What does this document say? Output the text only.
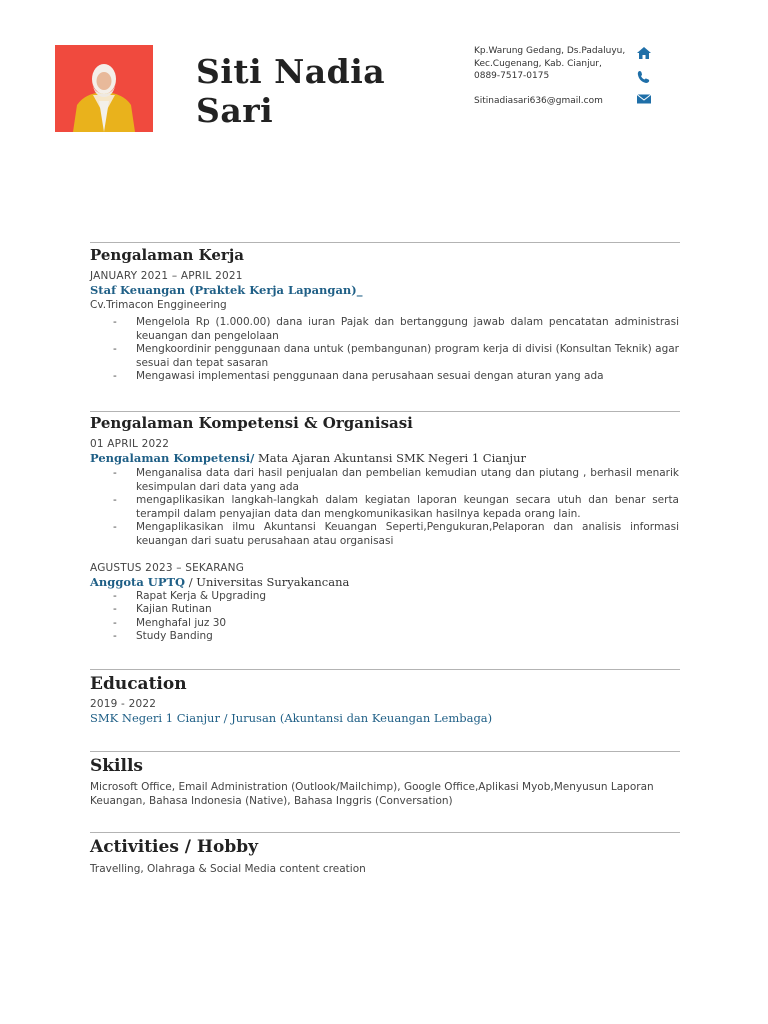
Siti Nadia
Sari
Kp.Warung Gedang, Ds.Padaluyu,
Kec.Cugenang, Kab. Cianjur,
0889-7517-0175
Sitinadiasari636@gmail.com
Pengalaman Kerja
JANUARY 2021 – APRIL 2021
Staf Keuangan (Praktek Kerja Lapangan)_
Cv.Trimacon Enggineering
- Mengelola Rp (1.000.00) dana iuran Pajak dan bertanggung jawab dalam pencatatan administrasi keuangan dan pengelolaan
- Mengkoordinir penggunaan dana untuk (pembangunan) program kerja di divisi (Konsultan Teknik) agar sesuai dan tepat sasaran
- Mengawasi implementasi penggunaan dana perusahaan sesuai dengan aturan yang ada
Pengalaman Kompetensi & Organisasi
01 APRIL 2022
Pengalaman Kompetensi/ Mata Ajaran Akuntansi SMK Negeri 1 Cianjur
- Menganalisa data dari hasil penjualan dan pembelian kemudian utang dan piutang , berhasil menarik kesimpulan dari data yang ada
- mengaplikasikan langkah-langkah dalam kegiatan laporan keungan secara utuh dan benar serta terampil dalam penyajian data dan mengkomunikasikan hasilnya kepada orang lain.
- Mengaplikasikan ilmu Akuntansi Keuangan Seperti,Pengukuran,Pelaporan dan analisis informasi keuangan dari suatu perusahaan atau organisasi
AGUSTUS 2023 – SEKARANG
Anggota UPTQ / Universitas Suryakancana
- Rapat Kerja & Upgrading
- Kajian Rutinan
- Menghafal juz 30
- Study Banding
Education
2019 - 2022
SMK Negeri 1 Cianjur / Jurusan (Akuntansi dan Keuangan Lembaga)
Skills
Microsoft Office, Email Administration (Outlook/Mailchimp), Google Office,Aplikasi Myob,Menyusun Laporan Keuangan, Bahasa Indonesia (Native), Bahasa Inggris (Conversation)
Activities / Hobby
Travelling, Olahraga & Social Media content creation
